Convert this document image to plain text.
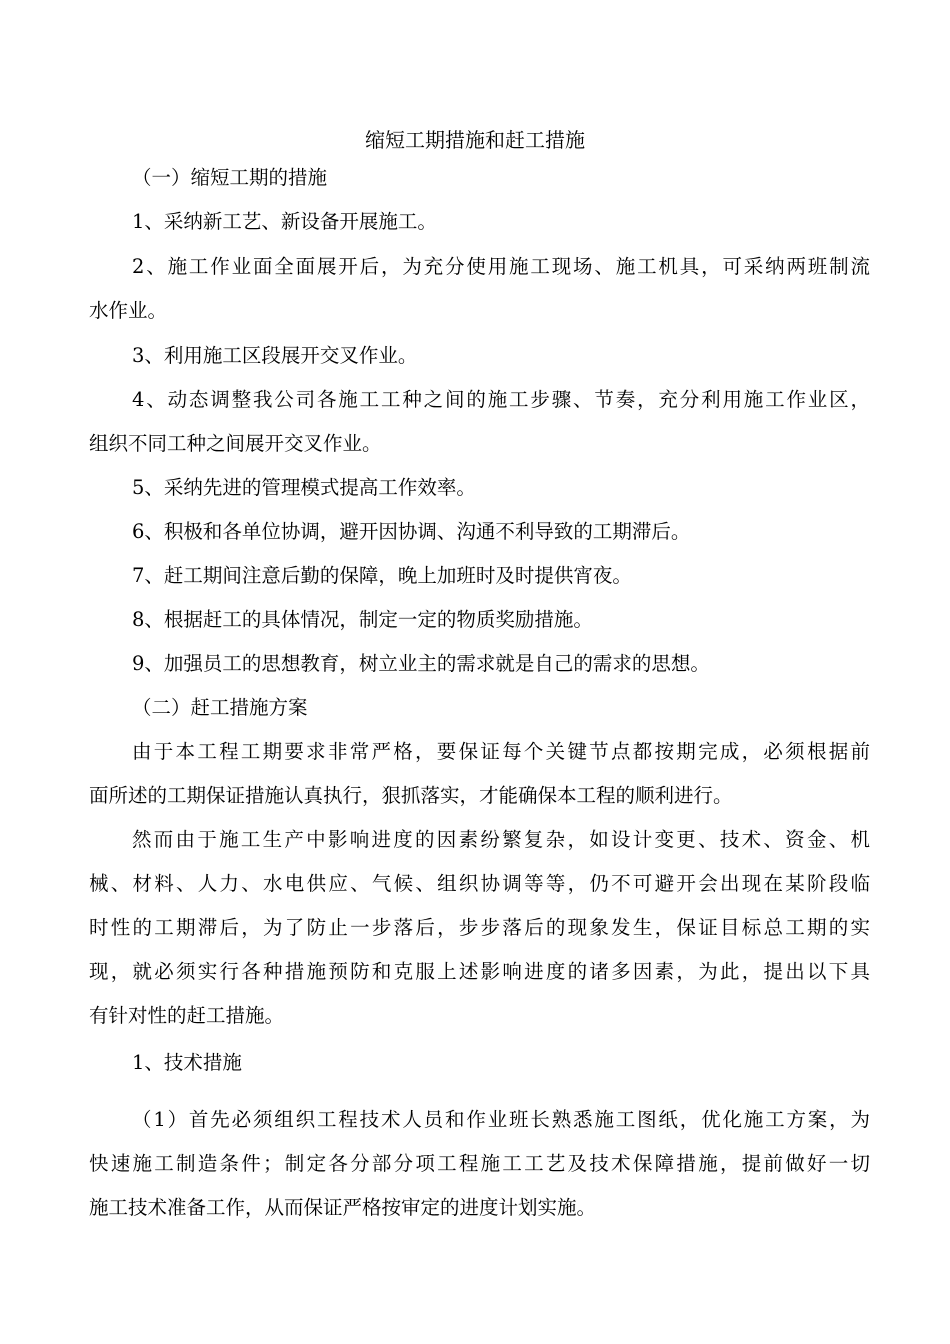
缩短工期措施和赶工措施
（一）缩短工期的措施
1、采纳新工艺、新设备开展施工。
2、施工作业面全面展开后，为充分使用施工现场、施工机具，可采纳两班制流
水作业。
3、利用施工区段展开交叉作业。
4、动态调整我公司各施工工种之间的施工步骤、节奏，充分利用施工作业区，
组织不同工种之间展开交叉作业。
5、采纳先进的管理模式提高工作效率。
6、积极和各单位协调，避开因协调、沟通不利导致的工期滞后。
7、赶工期间注意后勤的保障，晚上加班时及时提供宵夜。
8、根据赶工的具体情况，制定一定的物质奖励措施。
9、加强员工的思想教育，树立业主的需求就是自己的需求的思想。
（二）赶工措施方案
由于本工程工期要求非常严格，要保证每个关键节点都按期完成，必须根据前
面所述的工期保证措施认真执行，狠抓落实，才能确保本工程的顺利进行。
然而由于施工生产中影响进度的因素纷繁复杂，如设计变更、技术、资金、机
械、材料、人力、水电供应、气候、组织协调等等，仍不可避开会出现在某阶段临
时性的工期滞后，为了防止一步落后，步步落后的现象发生，保证目标总工期的实
现，就必须实行各种措施预防和克服上述影响进度的诸多因素，为此，提出以下具
有针对性的赶工措施。
1、技术措施
（1）首先必须组织工程技术人员和作业班长熟悉施工图纸，优化施工方案，为
快速施工制造条件；制定各分部分项工程施工工艺及技术保障措施，提前做好一切
施工技术准备工作，从而保证严格按审定的进度计划实施。
